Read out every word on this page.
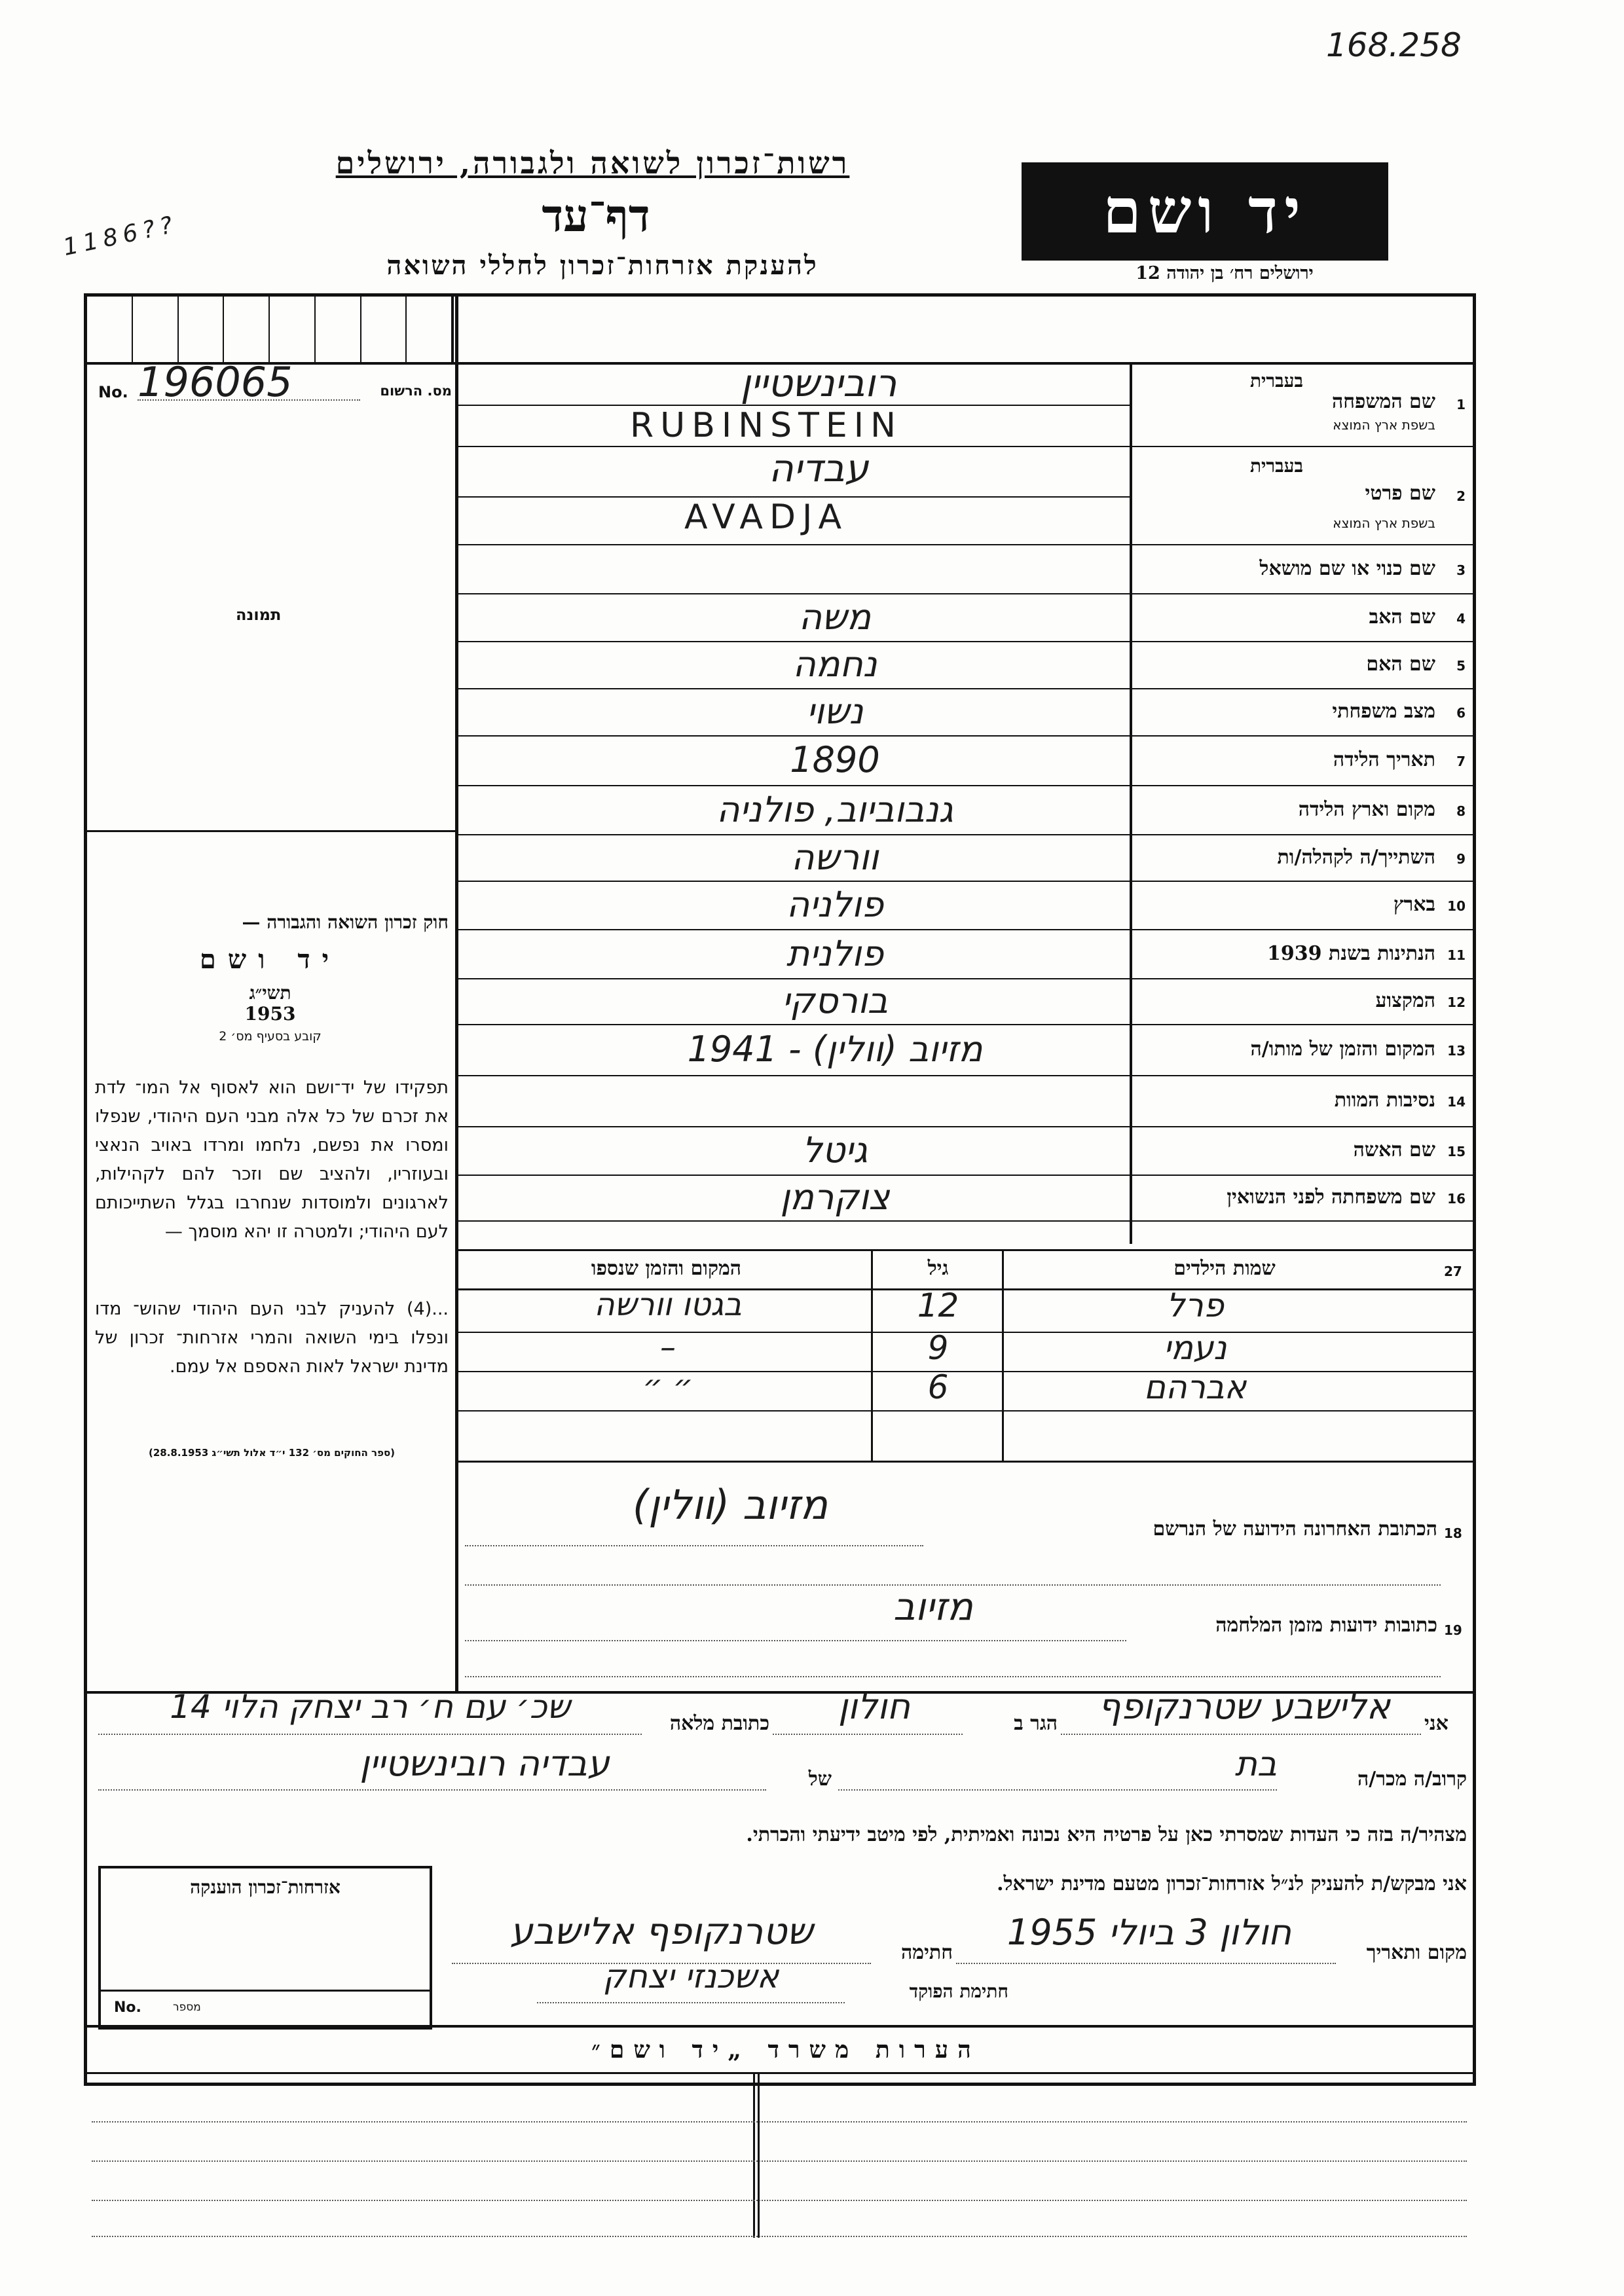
168.258
1186??
רשות־זכרון לשואה ולגבורה, ירושלים
דף־עד
להענקת אזרחות־זכרון לחללי השואה
יד ושם
ירושלים רח׳ בן יהודה 12
No. 196065	מס. הרשום
תמונה
חוק זכרון השואה והגבורה —
יד ושם
תשי״ג
1953
קובע בסעיף מס׳ 2
תפקידו של יד־ושם הוא לאסוף אל המו־ לדת את זכרם של כל אלה מבני העם היהודי, שנפלו ומסרו את נפשם, נלחמו ומרדו באויב הנאצי ובעוזריו, ולהציב שם וזכר להם לקהילות, לארגונים ולמוסדות שנחרבו בגלל השתייכותם לעם היהודי; ולמטרה זו יהא מוסמך —
...(4) להעניק לבני העם היהודי שהוש־ מדו ונפלו בימי השואה והמרי אזרחות־ זכרון של מדינת ישראל לאות האספם אל עמם.
(ספר החוקים מס׳ 132 י״ד אלול תשי״ג 28.8.1953)
1
שם המשפחה
בעברית
בשפת ארץ המוצא
רובינשטיין
RUBINSTEIN
2
שם פרטי
בעברית
בשפת ארץ המוצא
עבדיה
AVADJA
3
שם כנוי או שם מושאל
4
שם האב
משה
5
שם האם
נחמה
6
מצב משפחתי
נשוי
7
תאריך הלידה
1890
8
מקום וארץ הלידה
גנבוביוב, פולניה
9
השתייך/ה לקהלה/ות
וורשה
10
בארץ
פולניה
11
הנתינות בשנת 1939
פולנית
12
המקצוע
בורסקי
13
המקום והזמן של מותו/ה
מזיוב (וולין) - 1941
14
נסיבות המוות
15
שם האשה
גיטל
16
שם משפחתה לפני הנשואין
צוקרמן
שמות הילדים	27
גיל
המקום והזמן שנספו
פרל
12
בגטו וורשה
נעמי
9
–
אברהם
6
״ ״
18
הכתובת האחרונה הידועה של הנרשם
מזיוב (וולין)
19
כתובות ידועות מזמן המלחמה
מזיוב
אני
אלישבע שטרנקופף
הגר ב
חולון
כתובת מלאה
שכ׳ עם ח׳ רב יצחק הלוי 14
קרוב/ה מכר/ה
בת
של
עבדיה רובינשטיין
מצהיר/ה בזה כי העדות שמסרתי כאן על פרטיה היא נכונה ואמיתית, לפי מיטב ידיעתי והכרתי.
אני מבקש/ת להעניק לנ״ל אזרחות־זכרון מטעם מדינת ישראל.
אזרחות־זכרון הוענקה
No.	מספר
מקום ותאריך
חולון 3 ביולי 1955
חתימה
שטרנקופף אלישבע
חתימת הפוקד
אשכנזי יצחק
הערות משרד „יד ושם״
